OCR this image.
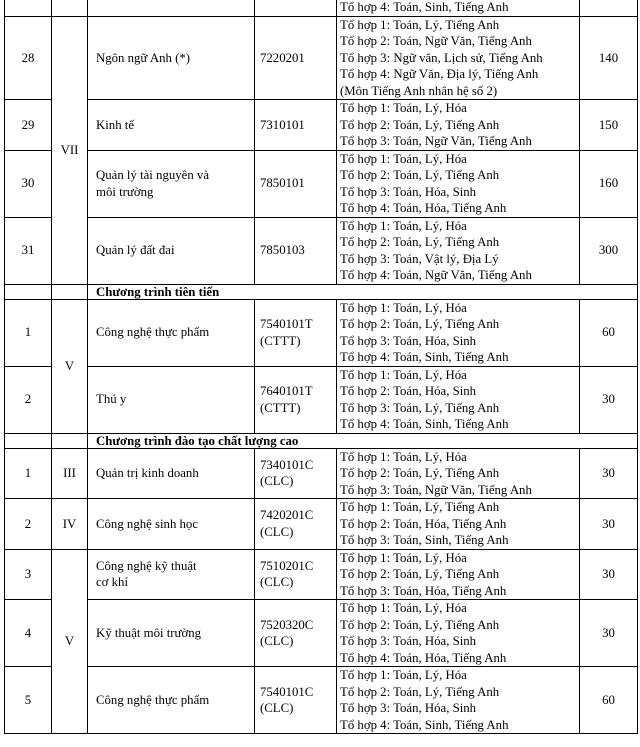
				Tổ hợp 4: Toán, Sinh, Tiếng Anh	

28	VII	Ngôn ngữ Anh (*)	7220201	Tổ hợp 1: Toán, Lý, Tiếng Anh
Tổ hợp 2: Toán, Ngữ Văn, Tiếng Anh
Tổ hợp 3: Ngữ văn, Lịch sử, Tiếng Anh
Tổ hợp 4: Ngữ Văn, Địa lý, Tiếng Anh
(Môn Tiếng Anh nhân hệ số 2)	140
29		Kinh tế	7310101	Tổ hợp 1: Toán, Lý, Hóa
Tổ hợp 2: Toán, Lý, Tiếng Anh
Tổ hợp 3: Toán, Ngữ Văn, Tiếng Anh	150
30		Quản lý tài nguyên và
môi trường	7850101	Tổ hợp 1: Toán, Lý, Hóa
Tổ hợp 2: Toán, Lý, Tiếng Anh
Tổ hợp 3: Toán, Hóa, Sinh
Tổ hợp 4: Toán, Hóa, Tiếng Anh	160
31		Quản lý đất đai	7850103	Tổ hợp 1: Toán, Lý, Hóa
Tổ hợp 2: Toán, Lý, Tiếng Anh
Tổ hợp 3: Toán, Vật lý, Địa Lý
Tổ hợp 4: Toán, Ngữ Văn, Tiếng Anh	300
		Chương trình tiên tiến			
1	V	Công nghệ thực phẩm	7540101T
(CTTT)	Tổ hợp 1: Toán, Lý, Hóa
Tổ hợp 2: Toán, Lý, Tiếng Anh
Tổ hợp 3: Toán, Hóa, Sinh
Tổ hợp 4: Toán, Sinh, Tiếng Anh	60
2		Thú y	7640101T
(CTTT)	Tổ hợp 1: Toán, Lý, Hóa
Tổ hợp 2: Toán, Hóa, Sinh
Tổ hợp 3: Toán, Lý, Tiếng Anh
Tổ hợp 4: Toán, Sinh, Tiếng Anh	30
		Chương trình đào tạo chất lượng cao			
1	III	Quản trị kinh doanh	7340101C
(CLC)	Tổ hợp 1: Toán, Lý, Hóa
Tổ hợp 2: Toán, Lý, Tiếng Anh
Tổ hợp 3: Toán, Ngữ Văn, Tiếng Anh	30
2	IV	Công nghệ sinh học	7420201C
(CLC)	Tổ hợp 1: Toán, Lý, Tiếng Anh
Tổ hợp 2: Toán, Hóa, Tiếng Anh
Tổ hợp 3: Toán, Sinh, Tiếng Anh	30
3	V	Công nghệ kỹ thuật
cơ khí	7510201C
(CLC)	Tổ hợp 1: Toán, Lý, Hóa
Tổ hợp 2: Toán, Lý, Tiếng Anh
Tổ hợp 3: Toán, Hóa, Tiếng Anh	30
4		Kỹ thuật môi trường	7520320C
(CLC)	Tổ hợp 1: Toán, Lý, Hóa
Tổ hợp 2: Toán, Lý, Tiếng Anh
Tổ hợp 3: Toán, Hóa, Sinh
Tổ hợp 4: Toán, Hóa, Tiếng Anh	30
5		Công nghệ thực phẩm	7540101C
(CLC)	Tổ hợp 1: Toán, Lý, Hóa
Tổ hợp 2: Toán, Lý, Tiếng Anh
Tổ hợp 3: Toán, Hóa, Sinh
Tổ hợp 4: Toán, Sinh, Tiếng Anh	60
